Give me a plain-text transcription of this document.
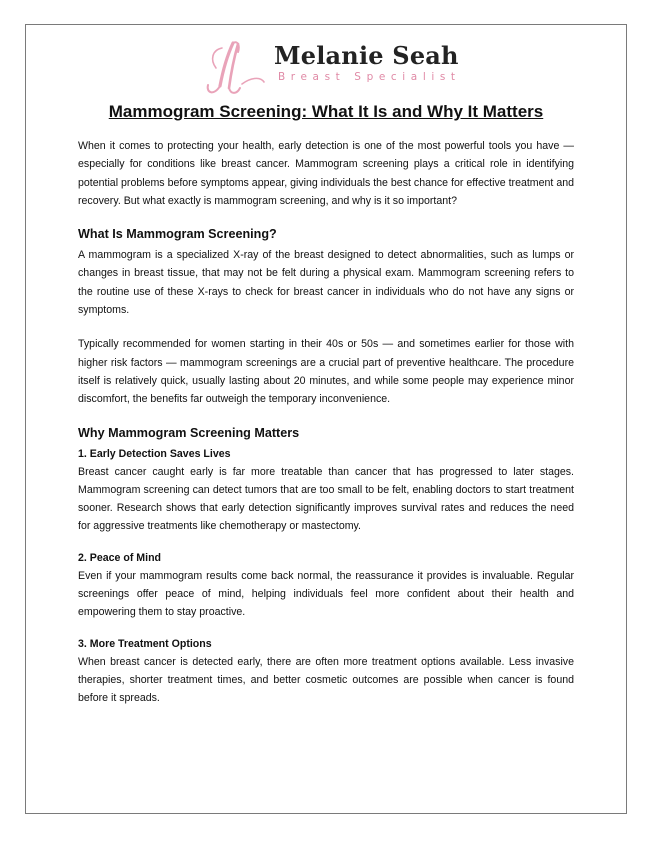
Melanie Seah
Breast Specialist
Mammogram Screening: What It Is and Why It Matters

When it comes to protecting your health, early detection is one of the most powerful tools you have — especially for conditions like breast cancer. Mammogram screening plays a critical role in identifying potential problems before symptoms appear, giving individuals the best chance for effective treatment and recovery. But what exactly is mammogram screening, and why is it so important?

What Is Mammogram Screening?

A mammogram is a specialized X-ray of the breast designed to detect abnormalities, such as lumps or changes in breast tissue, that may not be felt during a physical exam. Mammogram screening refers to the routine use of these X-rays to check for breast cancer in individuals who do not have any signs or symptoms.

Typically recommended for women starting in their 40s or 50s — and sometimes earlier for those with higher risk factors — mammogram screenings are a crucial part of preventive healthcare. The procedure itself is relatively quick, usually lasting about 20 minutes, and while some people may experience minor discomfort, the benefits far outweigh the temporary inconvenience.

Why Mammogram Screening Matters
1. Early Detection Saves Lives

Breast cancer caught early is far more treatable than cancer that has progressed to later stages. Mammogram screening can detect tumors that are too small to be felt, enabling doctors to start treatment sooner. Research shows that early detection significantly improves survival rates and reduces the need for aggressive treatments like chemotherapy or mastectomy.

2. Peace of Mind

Even if your mammogram results come back normal, the reassurance it provides is invaluable. Regular screenings offer peace of mind, helping individuals feel more confident about their health and empowering them to stay proactive.

3. More Treatment Options

When breast cancer is detected early, there are often more treatment options available. Less invasive therapies, shorter treatment times, and better cosmetic outcomes are possible when cancer is found before it spreads.
